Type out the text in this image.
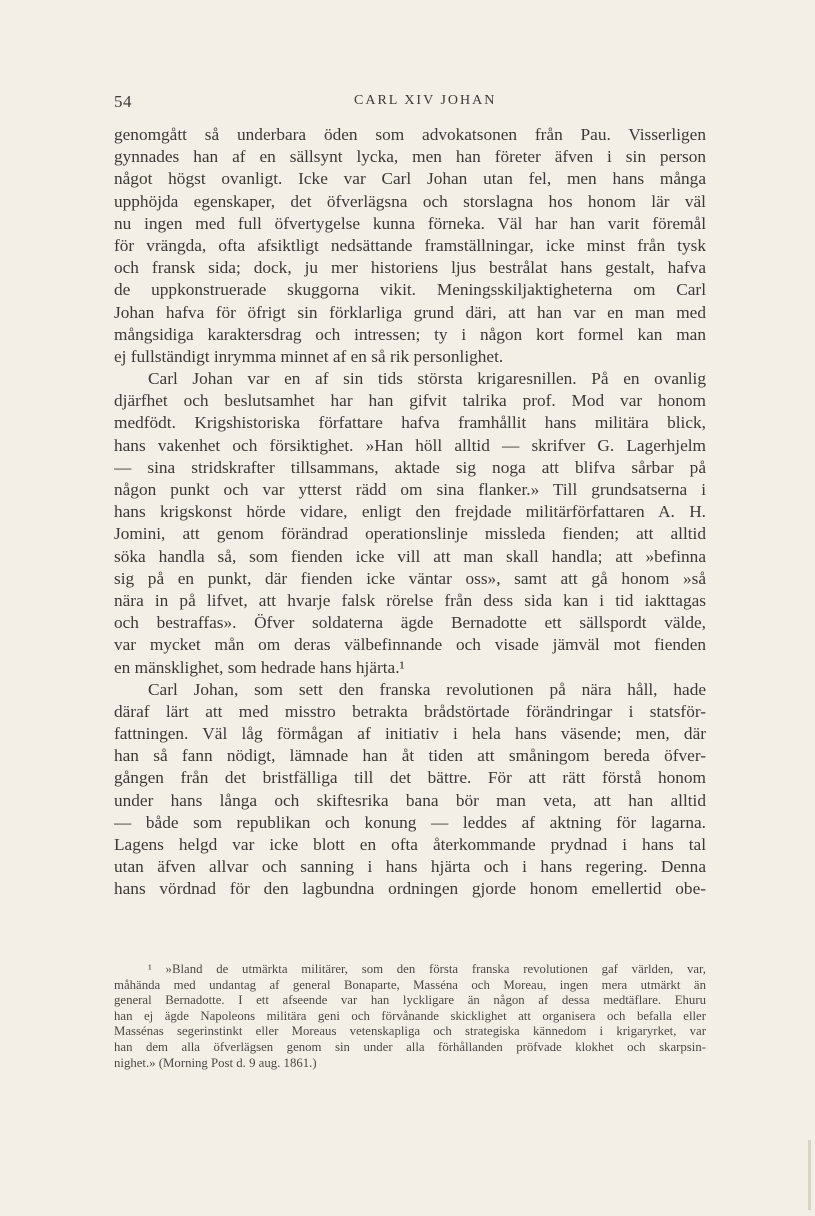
54	CARL XIV JOHAN
genomgått så underbara öden som advokatsonen från Pau. Visserligen
gynnades han af en sällsynt lycka, men han företer äfven i sin person
något högst ovanligt. Icke var Carl Johan utan fel, men hans många
upphöjda egenskaper, det öfverlägsna och storslagna hos honom lär väl
nu ingen med full öfvertygelse kunna förneka. Väl har han varit föremål
för vrängda, ofta afsiktligt nedsättande framställningar, icke minst från tysk
och fransk sida; dock, ju mer historiens ljus bestrålat hans gestalt, hafva
de uppkonstruerade skuggorna vikit. Meningsskiljaktigheterna om Carl
Johan hafva för öfrigt sin förklarliga grund däri, att han var en man med
mångsidiga karaktersdrag och intressen; ty i någon kort formel kan man
ej fullständigt inrymma minnet af en så rik personlighet.
Carl Johan var en af sin tids största krigaresnillen. På en ovanlig
djärfhet och beslutsamhet har han gifvit talrika prof. Mod var honom
medfödt. Krigshistoriska författare hafva framhållit hans militära blick,
hans vakenhet och försiktighet. »Han höll alltid — skrifver G. Lagerhjelm
— sina stridskrafter tillsammans, aktade sig noga att blifva sårbar på
någon punkt och var ytterst rädd om sina flanker.» Till grundsatserna i
hans krigskonst hörde vidare, enligt den frejdade militärförfattaren A. H.
Jomini, att genom förändrad operationslinje missleda fienden; att alltid
söka handla så, som fienden icke vill att man skall handla; att »befinna
sig på en punkt, där fienden icke väntar oss», samt att gå honom »så
nära in på lifvet, att hvarje falsk rörelse från dess sida kan i tid iakttagas
och bestraffas». Öfver soldaterna ägde Bernadotte ett sällspordt välde,
var mycket mån om deras välbefinnande och visade jämväl mot fienden
en mänsklighet, som hedrade hans hjärta.¹
Carl Johan, som sett den franska revolutionen på nära håll, hade
däraf lärt att med misstro betrakta brådstörtade förändringar i statsför-
fattningen. Väl låg förmågan af initiativ i hela hans väsende; men, där
han så fann nödigt, lämnade han åt tiden att småningom bereda öfver-
gången från det bristfälliga till det bättre. För att rätt förstå honom
under hans långa och skiftesrika bana bör man veta, att han alltid
— både som republikan och konung — leddes af aktning för lagarna.
Lagens helgd var icke blott en ofta återkommande prydnad i hans tal
utan äfven allvar och sanning i hans hjärta och i hans regering. Denna
hans vördnad för den lagbundna ordningen gjorde honom emellertid obe-
¹ »Bland de utmärkta militärer, som den första franska revolutionen gaf världen, var,
måhända med undantag af general Bonaparte, Masséna och Moreau, ingen mera utmärkt än
general Bernadotte. I ett afseende var han lyckligare än någon af dessa medtäflare. Ehuru
han ej ägde Napoleons militära geni och förvånande skicklighet att organisera och befalla eller
Massénas segerinstinkt eller Moreaus vetenskapliga och strategiska kännedom i krigaryrket, var
han dem alla öfverlägsen genom sin under alla förhållanden pröfvade klokhet och skarpsin-
nighet.» (Morning Post d. 9 aug. 1861.)
